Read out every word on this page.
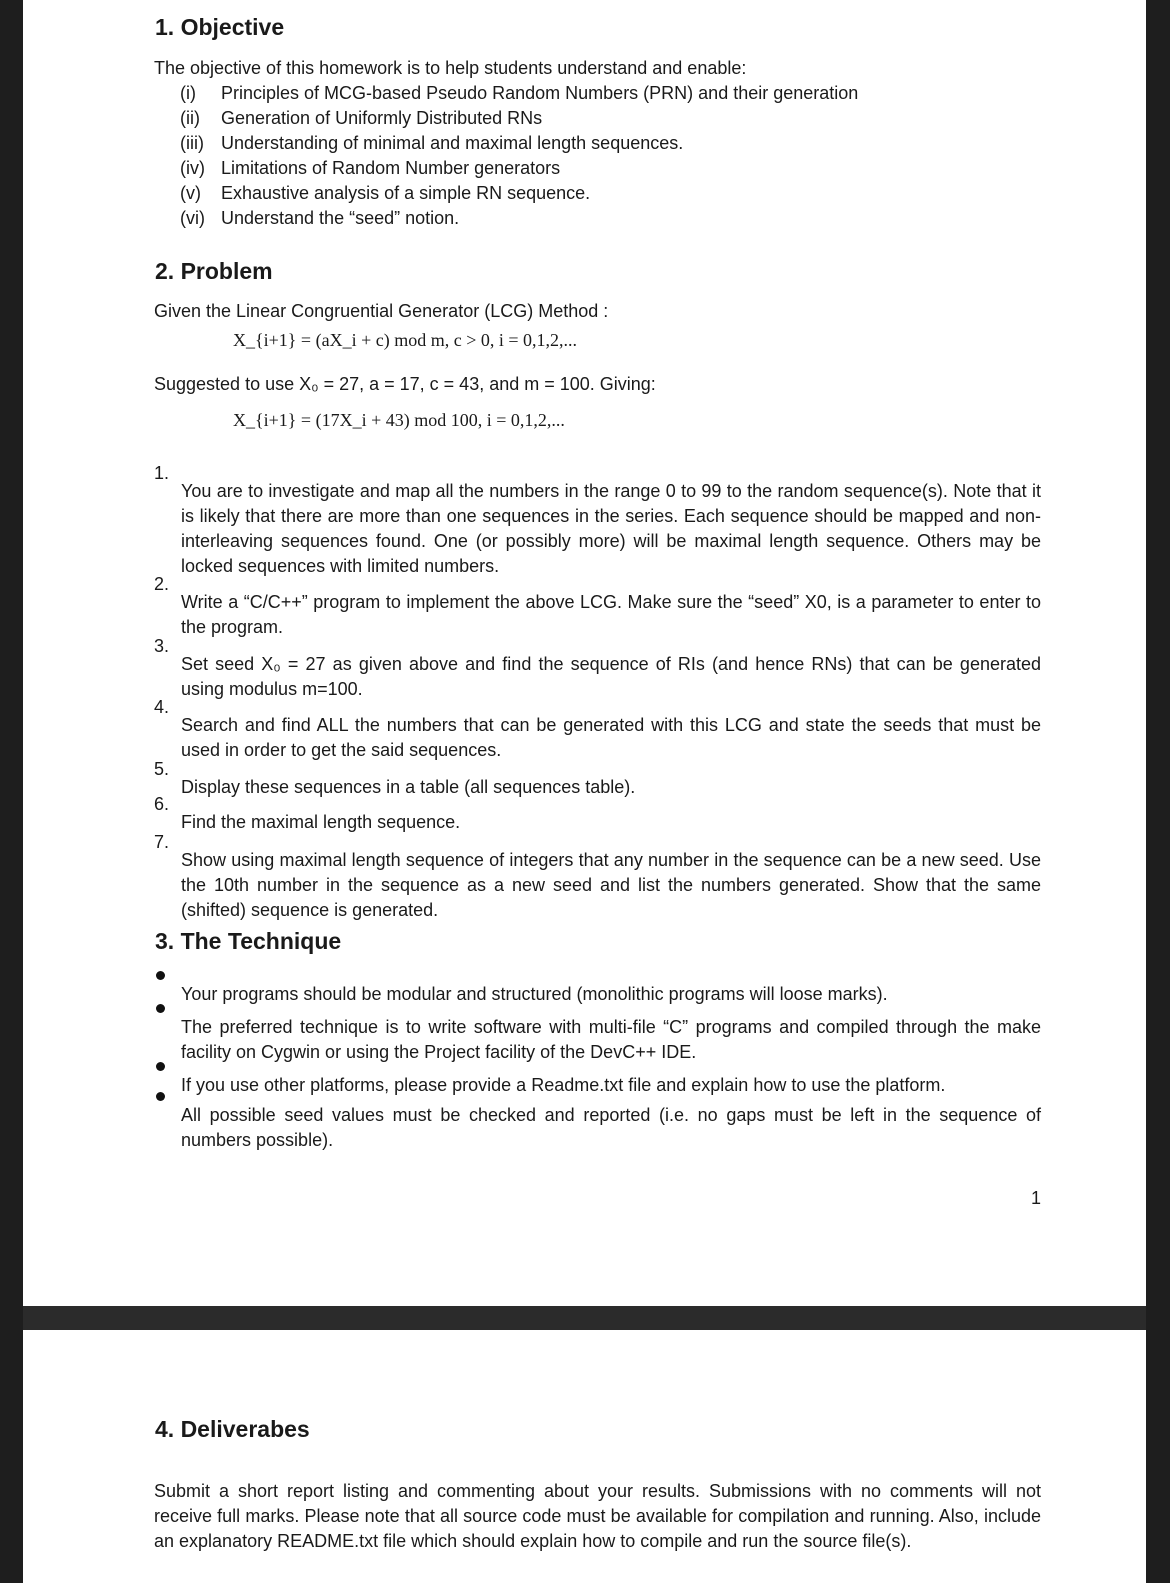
1. Objective

The objective of this homework is to help students understand and enable:

(i) Principles of MCG-based Pseudo Random Numbers (PRN) and their generation
(ii) Generation of Uniformly Distributed RNs
(iii) Understanding of minimal and maximal length sequences.
(iv) Limitations of Random Number generators
(v) Exhaustive analysis of a simple RN sequence.
(vi) Understand the “seed” notion.
2. Problem

Given the Linear Congruential Generator (LCG) Method :

X_{i+1} = (aX_i + c) mod m, c > 0, i = 0,1,2,...

Suggested to use X₀ = 27, a = 17, c = 43, and m = 100. Giving:

X_{i+1} = (17X_i + 43) mod 100, i = 0,1,2,...
1.

You are to investigate and map all the numbers in the range 0 to 99 to the random sequence(s). Note that it is likely that there are more than one sequences in the series. Each sequence should be mapped and non-interleaving sequences found. One (or possibly more) will be maximal length sequence. Others may be locked sequences with limited numbers.

2.

Write a “C/C++” program to implement the above LCG. Make sure the “seed” X0, is a parameter to enter to the program.

3.

Set seed X₀ = 27 as given above and find the sequence of RIs (and hence RNs) that can be generated using modulus m=100.

4.

Search and find ALL the numbers that can be generated with this LCG and state the seeds that must be used in order to get the said sequences.

5.

Display these sequences in a table (all sequences table).

6.

Find the maximal length sequence.

7.

Show using maximal length sequence of integers that any number in the sequence can be a new seed. Use the 10th number in the sequence as a new seed and list the numbers generated. Show that the same (shifted) sequence is generated.

3. The Technique

Your programs should be modular and structured (monolithic programs will loose marks).

The preferred technique is to write software with multi-file “C” programs and compiled through the make facility on Cygwin or using the Project facility of the DevC++ IDE.

If you use other platforms, please provide a Readme.txt file and explain how to use the platform.

All possible seed values must be checked and reported (i.e. no gaps must be left in the sequence of numbers possible).

1
4. Deliverabes

Submit a short report listing and commenting about your results. Submissions with no comments will not receive full marks. Please note that all source code must be available for compilation and running. Also, include an explanatory README.txt file which should explain how to compile and run the source file(s).
